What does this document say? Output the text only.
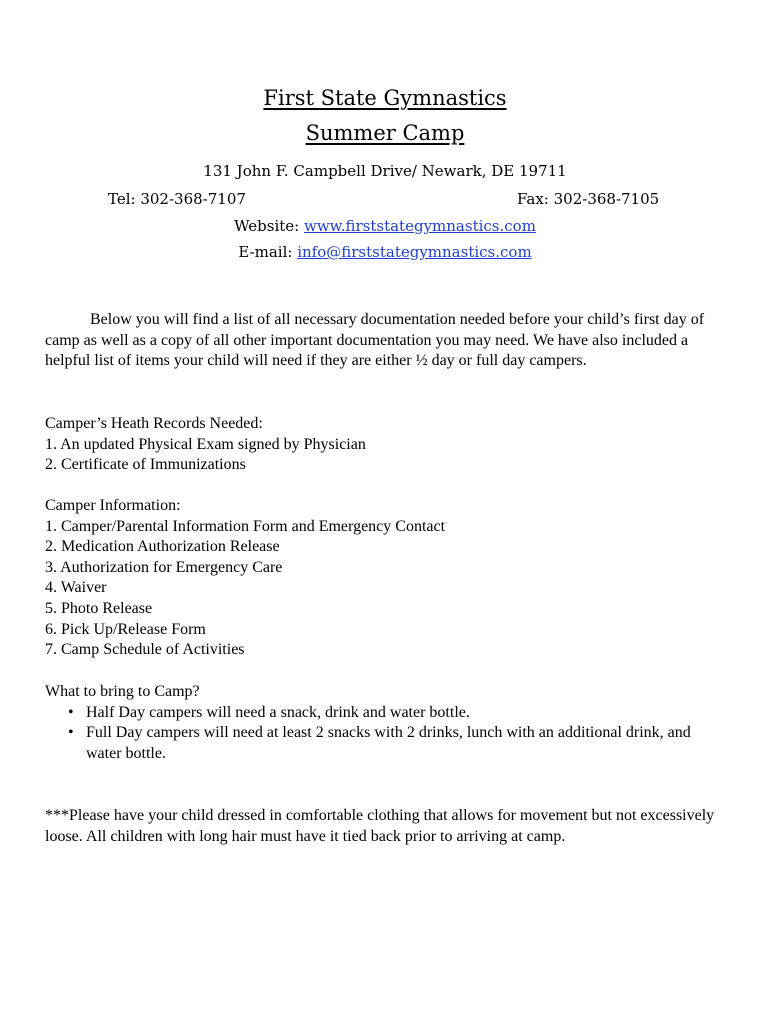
First State Gymnastics
Summer Camp
131 John F. Campbell Drive/ Newark, DE 19711
Tel: 302-368-7107	Fax: 302-368-7105
Website: www.firststategymnastics.com
E-mail: info@firststategymnastics.com
Below you will find a list of all necessary documentation needed before your child’s first day of camp as well as a copy of all other important documentation you may need. We have also included a helpful list of items your child will need if they are either ½ day or full day campers.

Camper’s Heath Records Needed:

1. An updated Physical Exam signed by Physician

2. Certificate of Immunizations

Camper Information:

1. Camper/Parental Information Form and Emergency Contact

2. Medication Authorization Release

3. Authorization for Emergency Care

4. Waiver

5. Photo Release

6. Pick Up/Release Form

7. Camp Schedule of Activities

What to bring to Camp?

• Half Day campers will need a snack, drink and water bottle.
• Full Day campers will need at least 2 snacks with 2 drinks, lunch with an additional drink, and water bottle.
***Please have your child dressed in comfortable clothing that allows for movement but not excessively loose. All children with long hair must have it tied back prior to arriving at camp.
